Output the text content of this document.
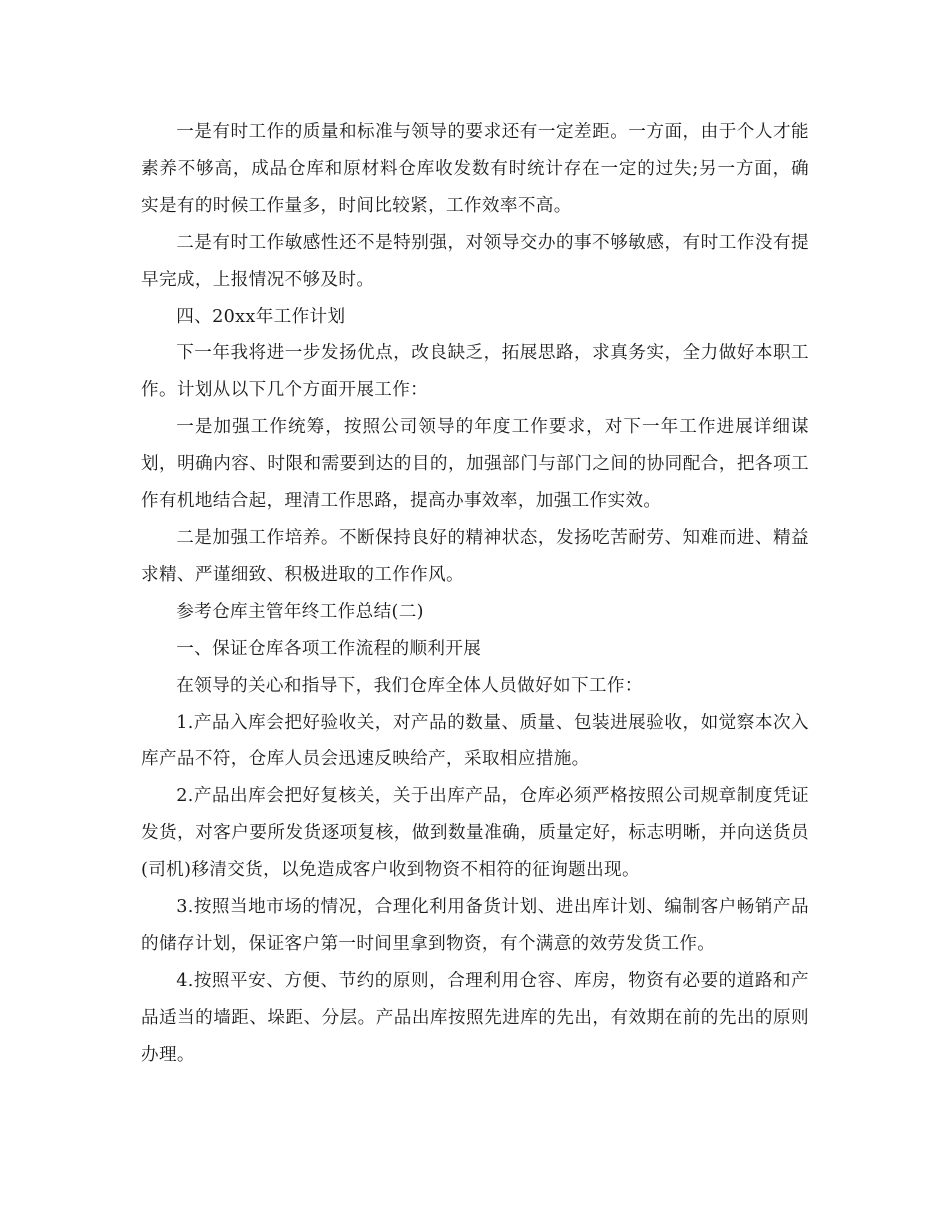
一是有时工作的质量和标准与领导的要求还有一定差距。一方面，由于个人才能素养不够高，成品仓库和原材料仓库收发数有时统计存在一定的过失;另一方面，确实是有的时候工作量多，时间比较紧，工作效率不高。

二是有时工作敏感性还不是特别强，对领导交办的事不够敏感，有时工作没有提早完成，上报情况不够及时。

四、20xx年工作计划

下一年我将进一步发扬优点，改良缺乏，拓展思路，求真务实，全力做好本职工作。计划从以下几个方面开展工作：

一是加强工作统筹，按照公司领导的年度工作要求，对下一年工作进展详细谋划，明确内容、时限和需要到达的目的，加强部门与部门之间的协同配合，把各项工作有机地结合起，理清工作思路，提高办事效率，加强工作实效。

二是加强工作培养。不断保持良好的精神状态，发扬吃苦耐劳、知难而进、精益求精、严谨细致、积极进取的工作作风。

参考仓库主管年终工作总结(二)

一、保证仓库各项工作流程的顺利开展

在领导的关心和指导下，我们仓库全体人员做好如下工作：

1.产品入库会把好验收关，对产品的数量、质量、包装进展验收，如觉察本次入库产品不符，仓库人员会迅速反映给产，采取相应措施。

2.产品出库会把好复核关，关于出库产品，仓库必须严格按照公司规章制度凭证发货，对客户要所发货逐项复核，做到数量准确，质量定好，标志明晰，并向送货员(司机)移清交货，以免造成客户收到物资不相符的征询题出现。

3.按照当地市场的情况，合理化利用备货计划、进出库计划、编制客户畅销产品的储存计划，保证客户第一时间里拿到物资，有个满意的效劳发货工作。

4.按照平安、方便、节约的原则，合理利用仓容、库房，物资有必要的道路和产品适当的墙距、垛距、分层。产品出库按照先进库的先出，有效期在前的先出的原则办理。
